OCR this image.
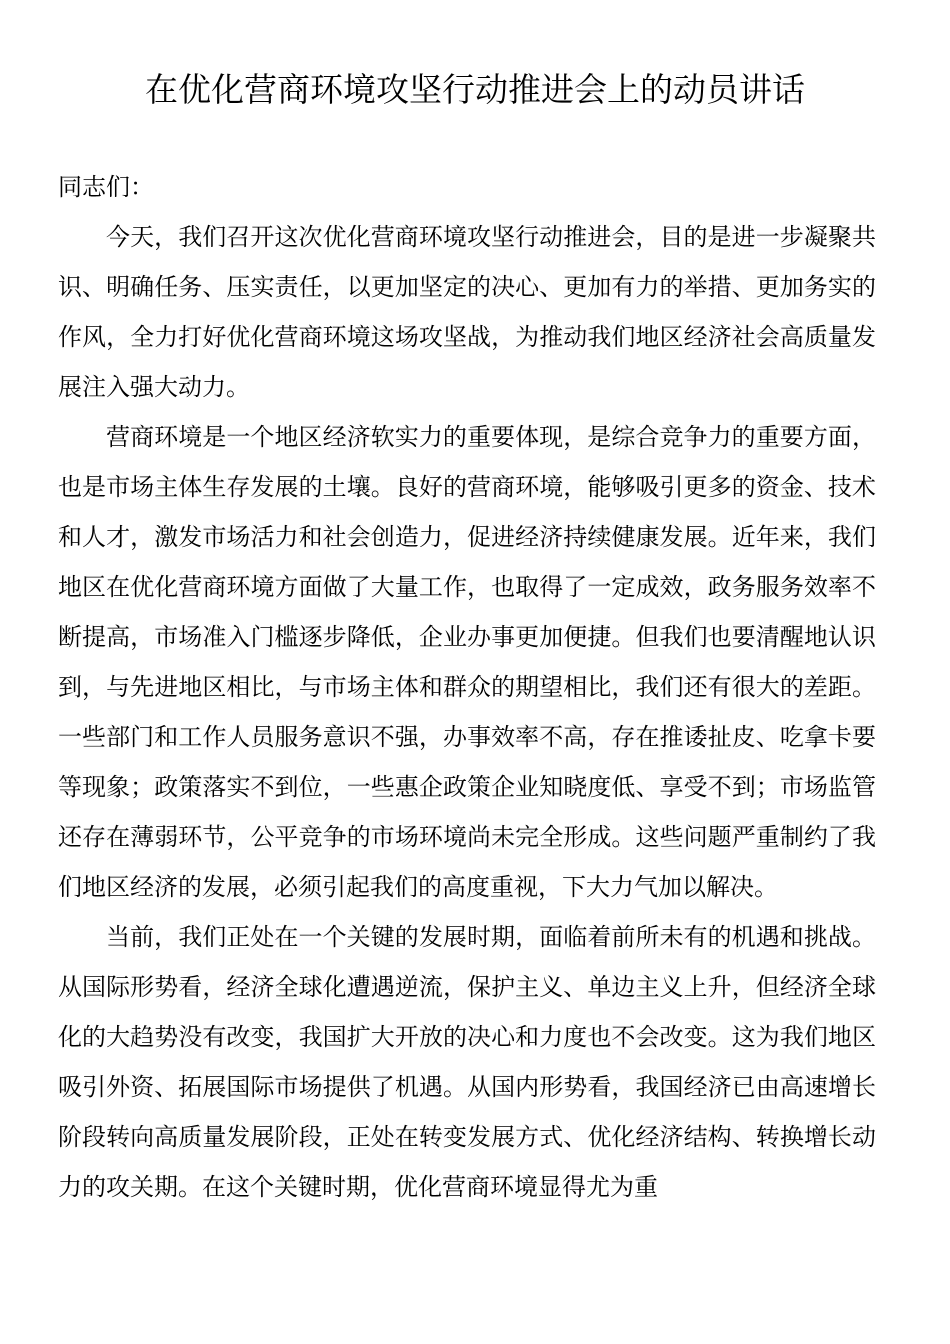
在优化营商环境攻坚行动推进会上的动员讲话

同志们：

今天，我们召开这次优化营商环境攻坚行动推进会，目的是进一步凝聚共识、明确任务、压实责任，以更加坚定的决心、更加有力的举措、更加务实的作风，全力打好优化营商环境这场攻坚战，为推动我们地区经济社会高质量发展注入强大动力。

营商环境是一个地区经济软实力的重要体现，是综合竞争力的重要方面，也是市场主体生存发展的土壤。良好的营商环境，能够吸引更多的资金、技术和人才，激发市场活力和社会创造力，促进经济持续健康发展。近年来，我们地区在优化营商环境方面做了大量工作，也取得了一定成效，政务服务效率不断提高，市场准入门槛逐步降低，企业办事更加便捷。但我们也要清醒地认识到，与先进地区相比，与市场主体和群众的期望相比，我们还有很大的差距。一些部门和工作人员服务意识不强，办事效率不高，存在推诿扯皮、吃拿卡要等现象；政策落实不到位，一些惠企政策企业知晓度低、享受不到；市场监管还存在薄弱环节，公平竞争的市场环境尚未完全形成。这些问题严重制约了我们地区经济的发展，必须引起我们的高度重视，下大力气加以解决。

当前，我们正处在一个关键的发展时期，面临着前所未有的机遇和挑战。从国际形势看，经济全球化遭遇逆流，保护主义、单边主义上升，但经济全球化的大趋势没有改变，我国扩大开放的决心和力度也不会改变。这为我们地区吸引外资、拓展国际市场提供了机遇。从国内形势看，我国经济已由高速增长阶段转向高质量发展阶段，正处在转变发展方式、优化经济结构、转换增长动力的攻关期。在这个关键时期，优化营商环境显得尤为重
